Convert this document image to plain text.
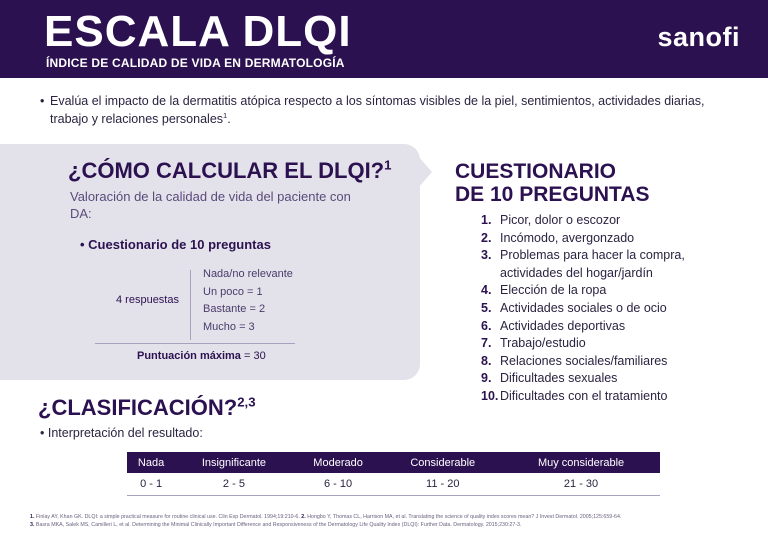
ESCALA DLQI
ÍNDICE DE CALIDAD DE VIDA EN DERMATOLOGÍA
sanofi
• Evalúa el impacto de la dermatitis atópica respecto a los síntomas visibles de la piel, sentimientos, actividades diarias, trabajo y relaciones personales$^1$.
¿CÓMO CALCULAR EL DLQI?$^1$
Valoración de la calidad de vida del paciente con DA:
• Cuestionario de 10 preguntas
4 respuestas
Nada/no relevante
Un poco = 1
Bastante = 2
Mucho = 3
Puntuación máxima = 30
CUESTIONARIO
DE 10 PREGUNTAS
1. Picor, dolor o escozor
2. Incómodo, avergonzado
3. Problemas para hacer la compra, actividades del hogar/jardín
4. Elección de la ropa
5. Actividades sociales o de ocio
6. Actividades deportivas
7. Trabajo/estudio
8. Relaciones sociales/familiares
9. Dificultades sexuales
10. Dificultades con el tratamiento
¿CLASIFICACIÓN?$^{2,3}$
• Interpretación del resultado:
Nada	Insignificante	Moderado	Considerable	Muy considerable
0 - 1	2 - 5	6 - 10	11 - 20	21 - 30
1. Finlay AY, Khan GK. DLQI: a simple practical measure for routine clinical use. Clin Exp Dermatol. 1994;19:210-6. 2. Hongbo Y, Thomas CL, Harrison MA, et al. Translating the science of quality index scores mean? J Invest Dermatol. 2005;125:659-64.
3. Basra MKA, Salek MS, Camilleri L, et al. Determining the Minimal Clinically Important Difference and Responsiveness of the Dermatology Life Quality Index (DLQI): Further Data. Dermatology. 2015;230:27-3.
